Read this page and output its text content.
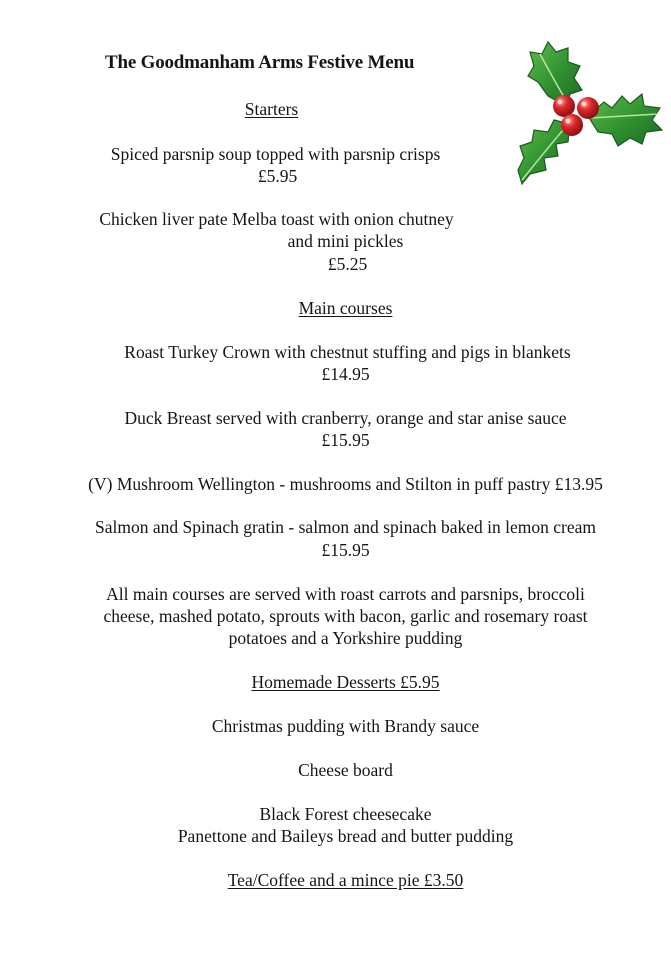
The Goodmanham Arms Festive Menu
Starters
Spiced parsnip soup topped with parsnip crisps
£5.95
Chicken liver pate Melba toast with onion chutney
and mini pickles
£5.25
Main courses
Roast Turkey Crown with chestnut stuffing and pigs in blankets
£14.95
Duck Breast served with cranberry, orange and star anise sauce
£15.95
(V) Mushroom Wellington - mushrooms and Stilton in puff pastry £13.95
Salmon and Spinach gratin - salmon and spinach baked in lemon cream
£15.95
All main courses are served with roast carrots and parsnips, broccoli
cheese, mashed potato, sprouts with bacon, garlic and rosemary roast
potatoes and a Yorkshire pudding
Homemade Desserts £5.95
Christmas pudding with Brandy sauce
Cheese board
Black Forest cheesecake
Panettone and Baileys bread and butter pudding
Tea/Coffee and a mince pie £3.50
